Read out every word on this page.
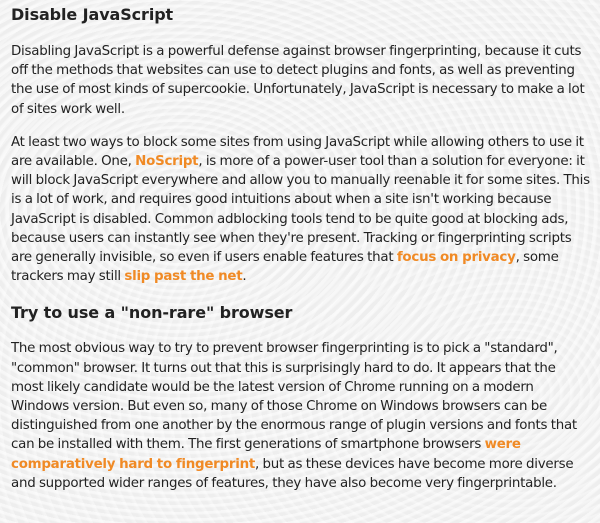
Disable JavaScript

Disabling JavaScript is a powerful defense against browser fingerprinting, because it cuts off the methods that websites can use to detect plugins and fonts, as well as preventing the use of most kinds of supercookie. Unfortunately, JavaScript is necessary to make a lot of sites work well.

At least two ways to block some sites from using JavaScript while allowing others to use it are available. One, NoScript, is more of a power-user tool than a solution for everyone: it will block JavaScript everywhere and allow you to manually reenable it for some sites. This is a lot of work, and requires good intuitions about when a site isn't working because JavaScript is disabled. Common adblocking tools tend to be quite good at blocking ads, because users can instantly see when they're present. Tracking or fingerprinting scripts are generally invisible, so even if users enable features that focus on privacy, some trackers may still slip past the net.

Try to use a "non-rare" browser

The most obvious way to try to prevent browser fingerprinting is to pick a "standard", "common" browser. It turns out that this is surprisingly hard to do. It appears that the most likely candidate would be the latest version of Chrome running on a modern Windows version. But even so, many of those Chrome on Windows browsers can be distinguished from one another by the enormous range of plugin versions and fonts that can be installed with them. The first generations of smartphone browsers were comparatively hard to fingerprint, but as these devices have become more diverse and supported wider ranges of features, they have also become very fingerprintable.
